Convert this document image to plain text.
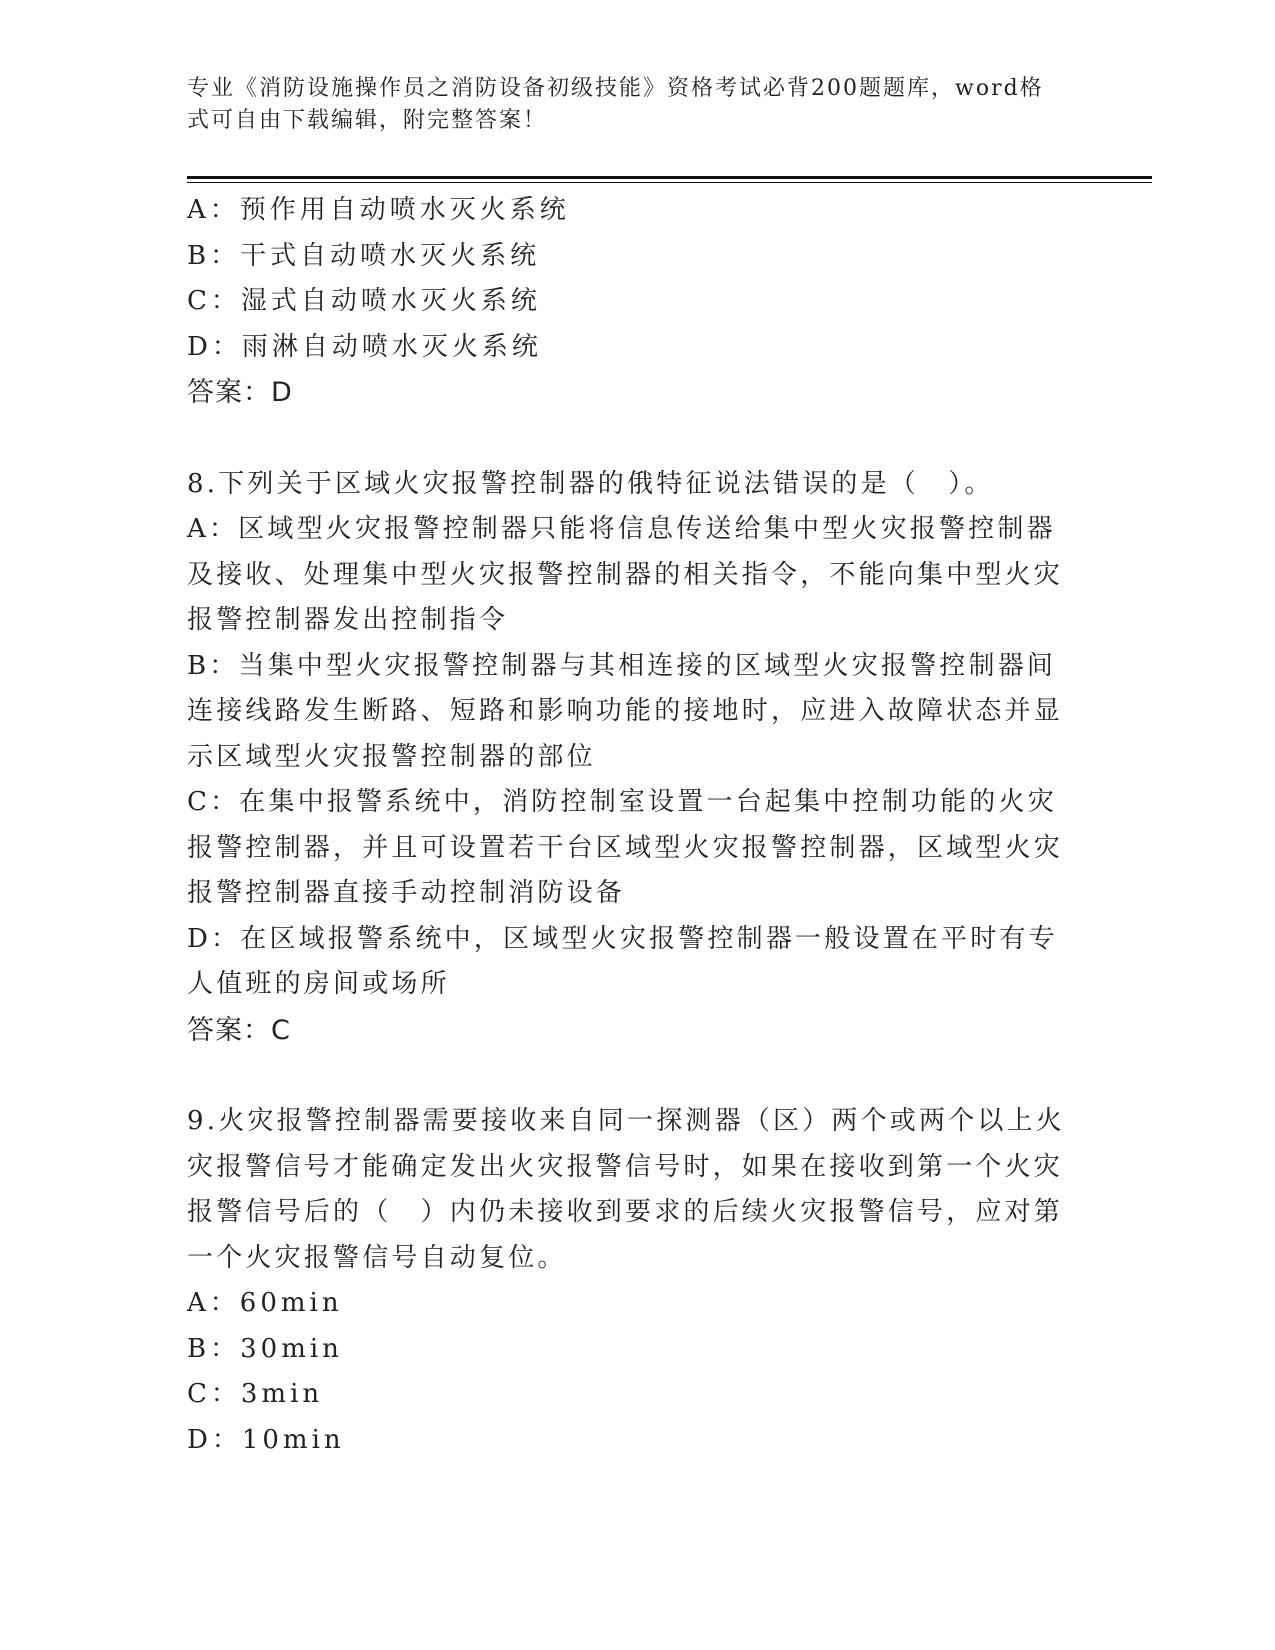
专业《消防设施操作员之消防设备初级技能》资格考试必背200题题库，word格式可自由下载编辑，附完整答案！
A：预作用自动喷水灭火系统
B：干式自动喷水灭火系统
C：湿式自动喷水灭火系统
D：雨淋自动喷水灭火系统
答案：D
8.下列关于区域火灾报警控制器的俄特征说法错误的是（　）。
A：区域型火灾报警控制器只能将信息传送给集中型火灾报警控制器及接收、处理集中型火灾报警控制器的相关指令，不能向集中型火灾报警控制器发出控制指令
B：当集中型火灾报警控制器与其相连接的区域型火灾报警控制器间连接线路发生断路、短路和影响功能的接地时，应进入故障状态并显示区域型火灾报警控制器的部位
C：在集中报警系统中，消防控制室设置一台起集中控制功能的火灾报警控制器，并且可设置若干台区域型火灾报警控制器，区域型火灾报警控制器直接手动控制消防设备
D：在区域报警系统中，区域型火灾报警控制器一般设置在平时有专人值班的房间或场所
答案：C
9.火灾报警控制器需要接收来自同一探测器（区）两个或两个以上火灾报警信号才能确定发出火灾报警信号时，如果在接收到第一个火灾报警信号后的（　）内仍未接收到要求的后续火灾报警信号，应对第一个火灾报警信号自动复位。
A：60min
B：30min
C：3min
D：10min
